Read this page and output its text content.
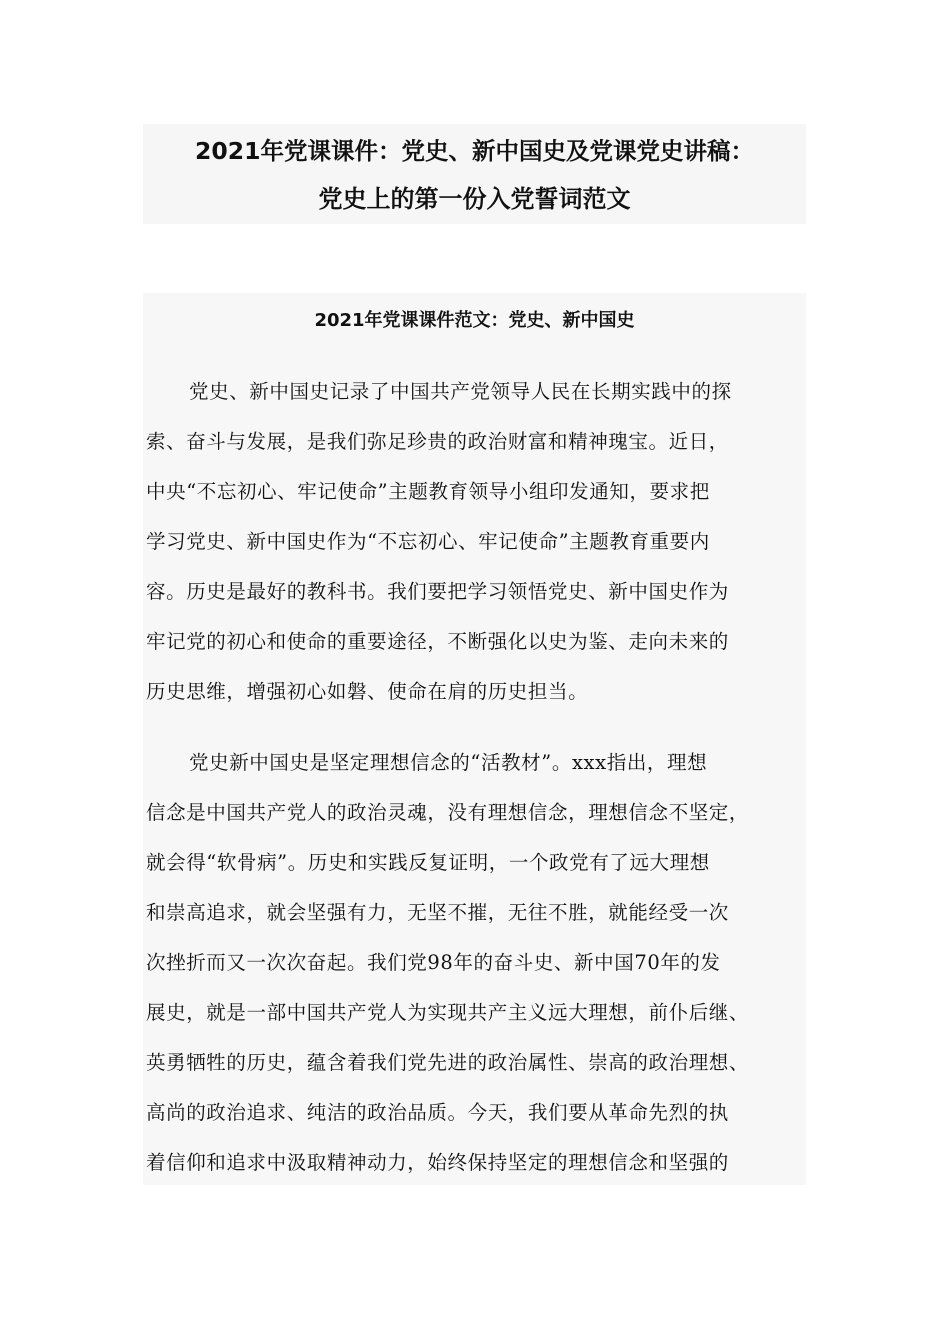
2021年党课课件：党史、新中国史及党课党史讲稿：
党史上的第一份入党誓词范文
2021年党课课件范文：党史、新中国史
党史、新中国史记录了中国共产党领导人民在长期实践中的探
索、奋斗与发展，是我们弥足珍贵的政治财富和精神瑰宝。近日，
中央“不忘初心、牢记使命”主题教育领导小组印发通知，要求把
学习党史、新中国史作为“不忘初心、牢记使命”主题教育重要内
容。历史是最好的教科书。我们要把学习领悟党史、新中国史作为
牢记党的初心和使命的重要途径，不断强化以史为鉴、走向未来的
历史思维，增强初心如磐、使命在肩的历史担当。
党史新中国史是坚定理想信念的“活教材”。xxx指出，理想
信念是中国共产党人的政治灵魂，没有理想信念，理想信念不坚定，
就会得“软骨病”。历史和实践反复证明，一个政党有了远大理想
和崇高追求，就会坚强有力，无坚不摧，无往不胜，就能经受一次
次挫折而又一次次奋起。我们党98年的奋斗史、新中国70年的发
展史，就是一部中国共产党人为实现共产主义远大理想，前仆后继、
英勇牺牲的历史，蕴含着我们党先进的政治属性、崇高的政治理想、
高尚的政治追求、纯洁的政治品质。今天，我们要从革命先烈的执
着信仰和追求中汲取精神动力，始终保持坚定的理想信念和坚强的
